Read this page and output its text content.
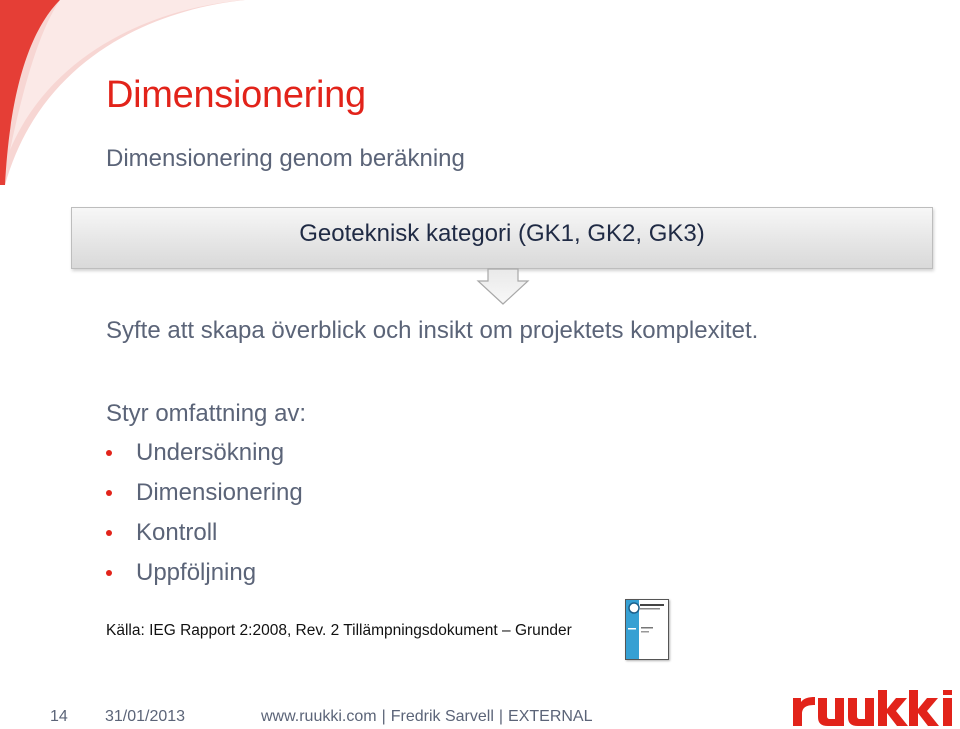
Dimensionering
Dimensionering genom beräkning
Geoteknisk kategori (GK1, GK2, GK3)
Syfte att skapa överblick och insikt om projektets komplexitet.
Styr omfattning av:
Undersökning
Dimensionering
Kontroll
Uppföljning
Källa: IEG Rapport 2:2008, Rev. 2 Tillämpningsdokument – Grunder
14 31/01/2013	www.ruukki.com | Fredrik Sarvell | EXTERNAL
